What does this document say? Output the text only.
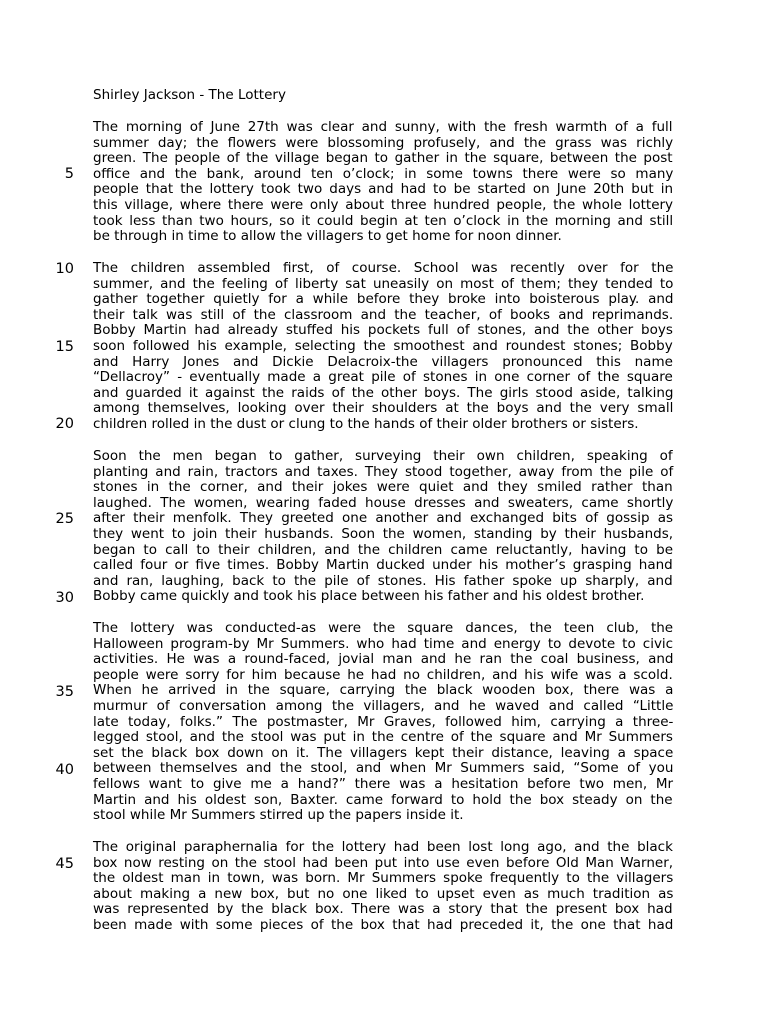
Shirley Jackson - The Lottery
The morning of June 27th was clear and sunny, with the fresh warmth of a full
summer day; the flowers were blossoming profusely, and the grass was richly
green. The people of the village began to gather in the square, between the post
office and the bank, around ten o’clock; in some towns there were so many
people that the lottery took two days and had to be started on June 20th but in
this village, where there were only about three hundred people, the whole lottery
took less than two hours, so it could begin at ten o’clock in the morning and still
be through in time to allow the villagers to get home for noon dinner.
The children assembled first, of course. School was recently over for the
summer, and the feeling of liberty sat uneasily on most of them; they tended to
gather together quietly for a while before they broke into boisterous play. and
their talk was still of the classroom and the teacher, of books and reprimands.
Bobby Martin had already stuffed his pockets full of stones, and the other boys
soon followed his example, selecting the smoothest and roundest stones; Bobby
and Harry Jones and Dickie Delacroix-the villagers pronounced this name
“Dellacroy” - eventually made a great pile of stones in one corner of the square
and guarded it against the raids of the other boys. The girls stood aside, talking
among themselves, looking over their shoulders at the boys and the very small
children rolled in the dust or clung to the hands of their older brothers or sisters.
Soon the men began to gather, surveying their own children, speaking of
planting and rain, tractors and taxes. They stood together, away from the pile of
stones in the corner, and their jokes were quiet and they smiled rather than
laughed. The women, wearing faded house dresses and sweaters, came shortly
after their menfolk. They greeted one another and exchanged bits of gossip as
they went to join their husbands. Soon the women, standing by their husbands,
began to call to their children, and the children came reluctantly, having to be
called four or five times. Bobby Martin ducked under his mother’s grasping hand
and ran, laughing, back to the pile of stones. His father spoke up sharply, and
Bobby came quickly and took his place between his father and his oldest brother.
The lottery was conducted-as were the square dances, the teen club, the
Halloween program-by Mr Summers. who had time and energy to devote to civic
activities. He was a round-faced, jovial man and he ran the coal business, and
people were sorry for him because he had no children, and his wife was a scold.
When he arrived in the square, carrying the black wooden box, there was a
murmur of conversation among the villagers, and he waved and called “Little
late today, folks.” The postmaster, Mr Graves, followed him, carrying a three-
legged stool, and the stool was put in the centre of the square and Mr Summers
set the black box down on it. The villagers kept their distance, leaving a space
between themselves and the stool, and when Mr Summers said, “Some of you
fellows want to give me a hand?” there was a hesitation before two men, Mr
Martin and his oldest son, Baxter. came forward to hold the box steady on the
stool while Mr Summers stirred up the papers inside it.
The original paraphernalia for the lottery had been lost long ago, and the black
box now resting on the stool had been put into use even before Old Man Warner,
the oldest man in town, was born. Mr Summers spoke frequently to the villagers
about making a new box, but no one liked to upset even as much tradition as
was represented by the black box. There was a story that the present box had
been made with some pieces of the box that had preceded it, the one that had
5
10
15
20
25
30
35
40
45
